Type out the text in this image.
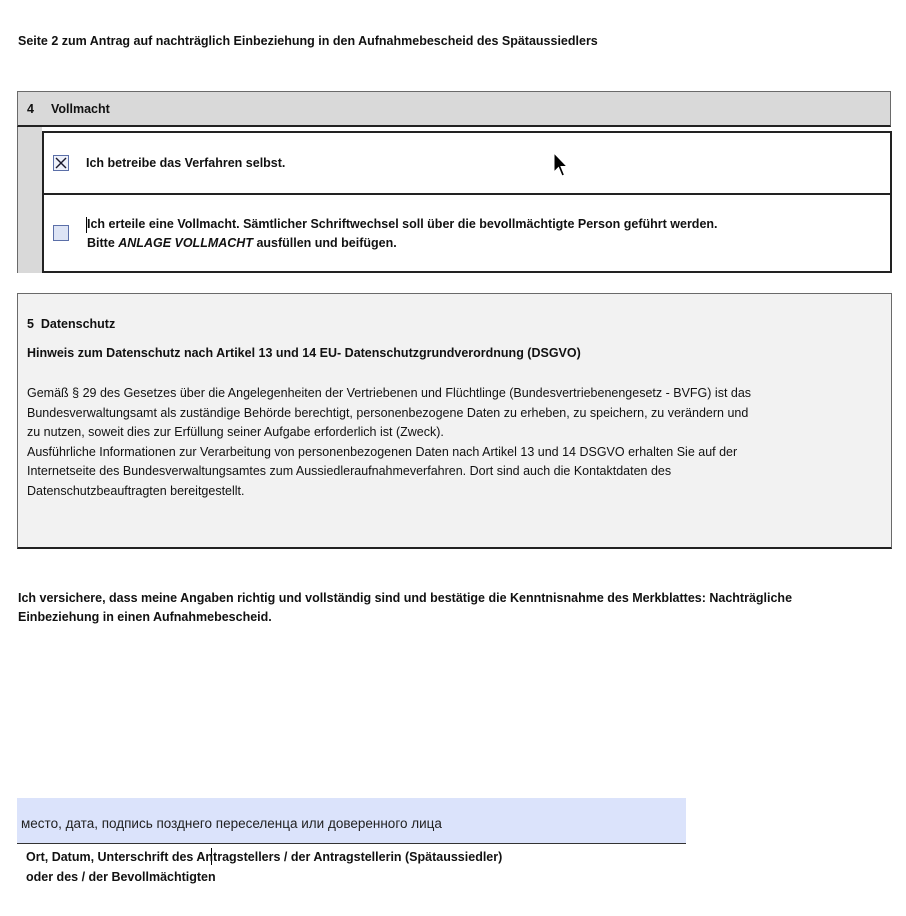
Seite 2 zum Antrag auf nachträglich Einbeziehung in den Aufnahmebescheid des Spätaussiedlers
4 Vollmacht
Ich betreibe das Verfahren selbst.
Ich erteile eine Vollmacht. Sämtlicher Schriftwechsel soll über die bevollmächtigte Person geführt werden.
Bitte ANLAGE VOLLMACHT ausfüllen und beifügen.
5 Datenschutz
Hinweis zum Datenschutz nach Artikel 13 und 14 EU- Datenschutzgrundverordnung (DSGVO)
Gemäß § 29 des Gesetzes über die Angelegenheiten der Vertriebenen und Flüchtlinge (Bundesvertriebenengesetz - BVFG) ist das
Bundesverwaltungsamt als zuständige Behörde berechtigt, personenbezogene Daten zu erheben, zu speichern, zu verändern und
zu nutzen, soweit dies zur Erfüllung seiner Aufgabe erforderlich ist (Zweck).
Ausführliche Informationen zur Verarbeitung von personenbezogenen Daten nach Artikel 13 und 14 DSGVO erhalten Sie auf der
Internetseite des Bundesverwaltungsamtes zum Aussiedleraufnahmeverfahren. Dort sind auch die Kontaktdaten des
Datenschutzbeauftragten bereitgestellt.
Ich versichere, dass meine Angaben richtig und vollständig sind und bestätige die Kenntnisnahme des Merkblattes: Nachträgliche
Einbeziehung in einen Aufnahmebescheid.
место, дата, подпись позднего переселенца или доверенного лица
Ort, Datum, Unterschrift des Antragstellers / der Antragstellerin (Spätaussiedler)
oder des / der Bevollmächtigten
